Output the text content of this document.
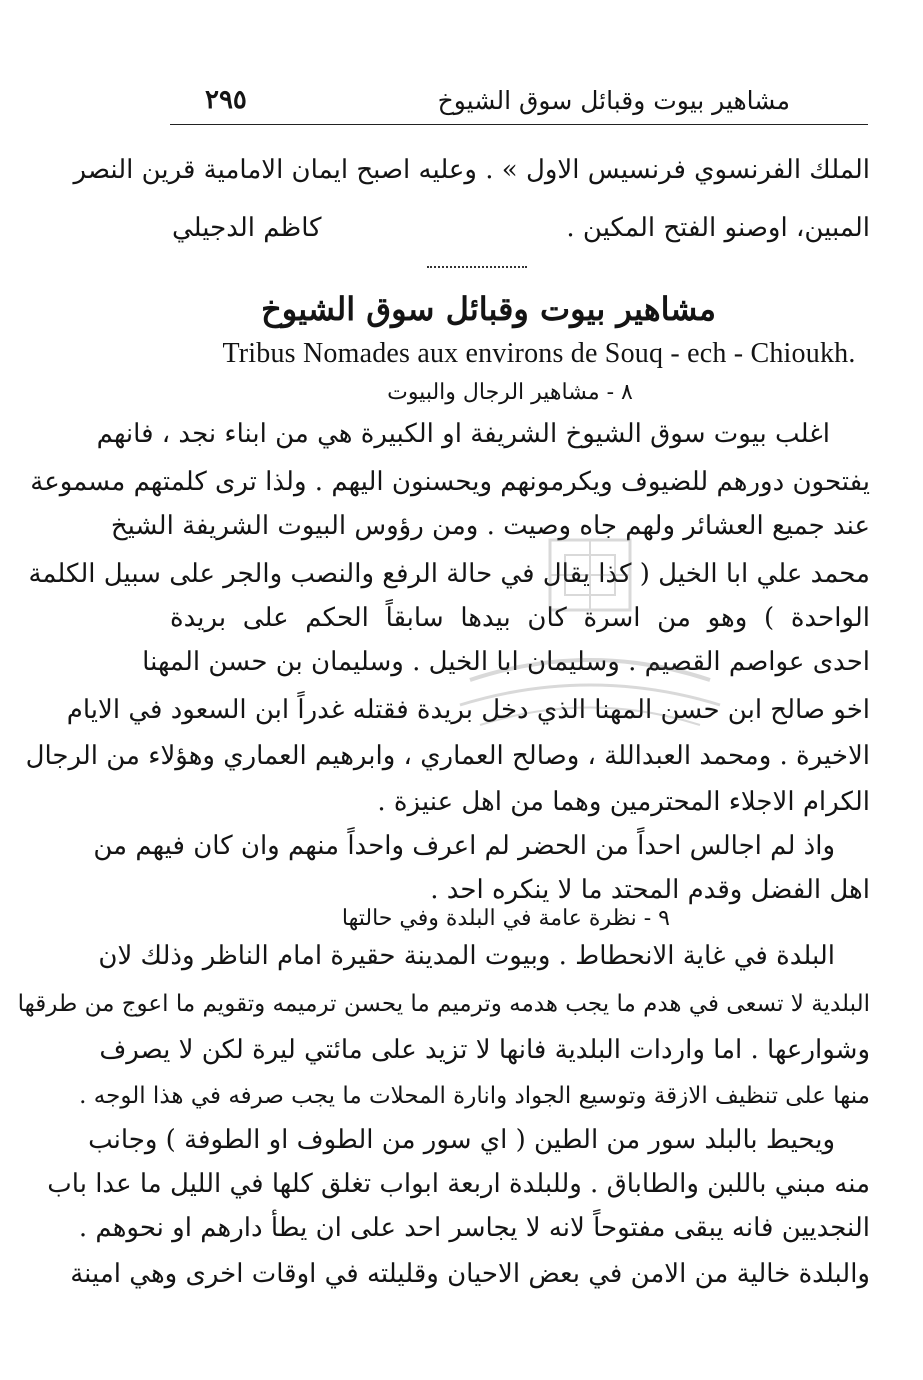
مشاهير بيوت وقبائل سوق الشيوخ
٢٩٥
الملك الفرنسوي فرنسيس الاول » . وعليه اصبح ايمان الامامية قرين النصر
المبين، اوصنو الفتح المكين .
كاظم الدجيلي
مشاهير بيوت وقبائل سوق الشيوخ
Tribus Nomades aux environs de Souq - ech - Chioukh.
٨ - مشاهير الرجال والبيوت
اغلب بيوت سوق الشيوخ الشريفة او الكبيرة هي من ابناء نجد ، فانهم
يفتحون دورهم للضيوف ويكرمونهم ويحسنون اليهم . ولذا ترى كلمتهم مسموعة
عند جميع العشائر ولهم جاه وصيت . ومن رؤوس البيوت الشريفة الشيخ
محمد علي ابا الخيل ( كذا يقال في حالة الرفع والنصب والجر على سبيل الكلمة
الواحدة ) وهو من اسرة كان بيدها سابقاً الحكم على بريدة
احدى عواصم القصيم . وسليمان ابا الخيل . وسليمان بن حسن المهنا
اخو صالح ابن حسن المهنا الذي دخل بريدة فقتله غدراً ابن السعود في الايام
الاخيرة . ومحمد العبداللة ، وصالح العماري ، وابرهيم العماري وهؤلاء من الرجال
الكرام الاجلاء المحترمين وهما من اهل عنيزة .
واذ لم اجالس احداً من الحضر لم اعرف واحداً منهم وان كان فيهم من
اهل الفضل وقدم المحتد ما لا ينكره احد .
٩ - نظرة عامة في البلدة وفي حالتها
البلدة في غاية الانحطاط . وبيوت المدينة حقيرة امام الناظر وذلك لان
البلدية لا تسعى في هدم ما يجب هدمه وترميم ما يحسن ترميمه وتقويم ما اعوج من طرقها
وشوارعها . اما واردات البلدية فانها لا تزيد على مائتي ليرة لكن لا يصرف
منها على تنظيف الازقة وتوسيع الجواد وانارة المحلات ما يجب صرفه في هذا الوجه .
ويحيط بالبلد سور من الطين ( اي سور من الطوف او الطوفة ) وجانب
منه مبني باللبن والطاباق . وللبلدة اربعة ابواب تغلق كلها في الليل ما عدا باب
النجديين فانه يبقى مفتوحاً لانه لا يجاسر احد على ان يطأ دارهم او نحوهم .
والبلدة خالية من الامن في بعض الاحيان وقليلته في اوقات اخرى وهي امينة
